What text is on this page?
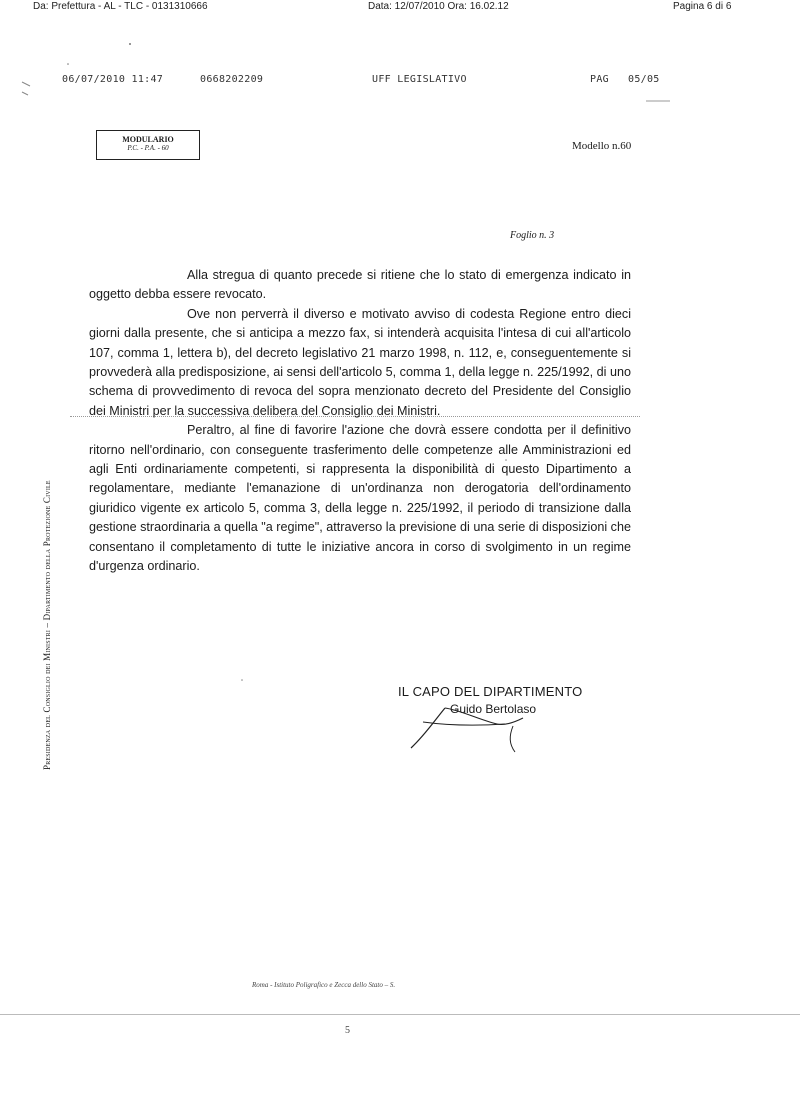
Da: Prefettura - AL - TLC - 0131310666	Data: 12/07/2010 Ora: 16.02.12	Pagina 6 di 6
06/07/2010 11:47	0668202209	UFF LEGISLATIVO	PAG 05/05
MODULARIO
P.C. - P.A. - 60	Modello n.60
Foglio n. 3
Presidenza del Consiglio dei Ministri – Dipartimento della Protezione Civile

Alla stregua di quanto precede si ritiene che lo stato di emergenza indicato in oggetto debba essere revocato.

Ove non perverrà il diverso e motivato avviso di codesta Regione entro dieci giorni dalla presente, che si anticipa a mezzo fax, si intenderà acquisita l'intesa di cui all'articolo 107, comma 1, lettera b), del decreto legislativo 21 marzo 1998, n. 112, e, conseguentemente si provvederà alla predisposizione, ai sensi dell'articolo 5, comma 1, della legge n. 225/1992, di uno schema di provvedimento di revoca del sopra menzionato decreto del Presidente del Consiglio dei Ministri per la successiva delibera del Consiglio dei Ministri.

Peraltro, al fine di favorire l'azione che dovrà essere condotta per il definitivo ritorno nell'ordinario, con conseguente trasferimento delle competenze alle Amministrazioni ed agli Enti ordinariamente competenti, si rappresenta la disponibilità di questo Dipartimento a regolamentare, mediante l'emanazione di un'ordinanza non derogatoria dell'ordinamento giuridico vigente ex articolo 5, comma 3, della legge n. 225/1992, il periodo di transizione dalla gestione straordinaria a quella "a regime", attraverso la previsione di una serie di disposizioni che consentano il completamento di tutte le iniziative ancora in corso di svolgimento in un regime d'urgenza ordinario.

IL CAPO DEL DIPARTIMENTO
Guido Bertolaso
Roma - Istituto Poligrafico e Zecca dello Stato – S.
5
